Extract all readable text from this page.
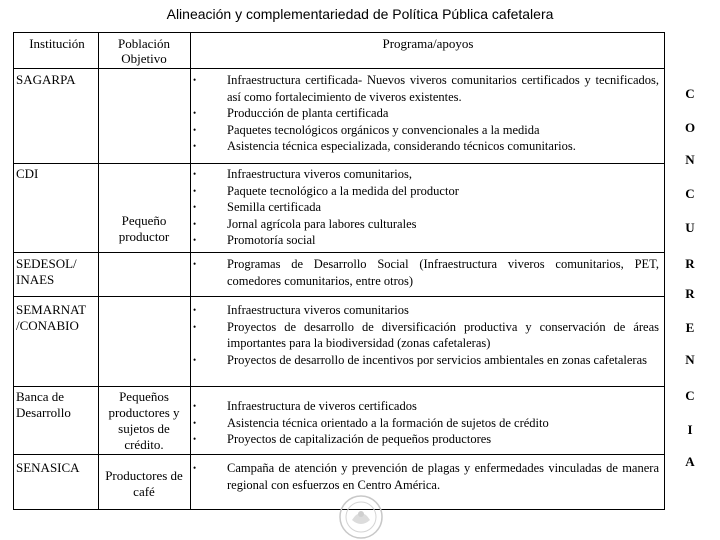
Alineación y complementariedad de Política Pública cafetalera
Institución	Población
Objetivo
Programa/apoyos
SAGARPA
CDI
SEDESOL/
INAES
SEMARNAT
/CONABIO
Banca de
Desarrollo
SENASICA
Pequeño
productor
Pequeños
productores y
sujetos de
crédito.
Productores de
café
• Infraestructura certificada- Nuevos viveros comunitarios certificados y tecnificados, así como fortalecimiento de viveros existentes.
• Producción de planta certificada
• Paquetes tecnológicos orgánicos y convencionales a la medida
• Asistencia técnica especializada, considerando técnicos comunitarios.
• Infraestructura viveros comunitarios,
• Paquete tecnológico a la medida del productor
• Semilla certificada
• Jornal agrícola para labores culturales
• Promotoría social
• Programas de Desarrollo Social (Infraestructura viveros comunitarios, PET, comedores comunitarios, entre otros)
• Infraestructura viveros comunitarios
• Proyectos de desarrollo de diversificación productiva y conservación de áreas importantes para la biodiversidad (zonas cafetaleras)
• Proyectos de desarrollo de incentivos por servicios ambientales en zonas cafetaleras
• Infraestructura de viveros certificados
• Asistencia técnica orientado a la formación de sujetos de crédito
• Proyectos de capitalización de pequeños productores
• Campaña de atención y prevención de plagas y enfermedades vinculadas de manera regional con esfuerzos en Centro América.
C
O
N
C
U
R
R
E
N
C
I
A
